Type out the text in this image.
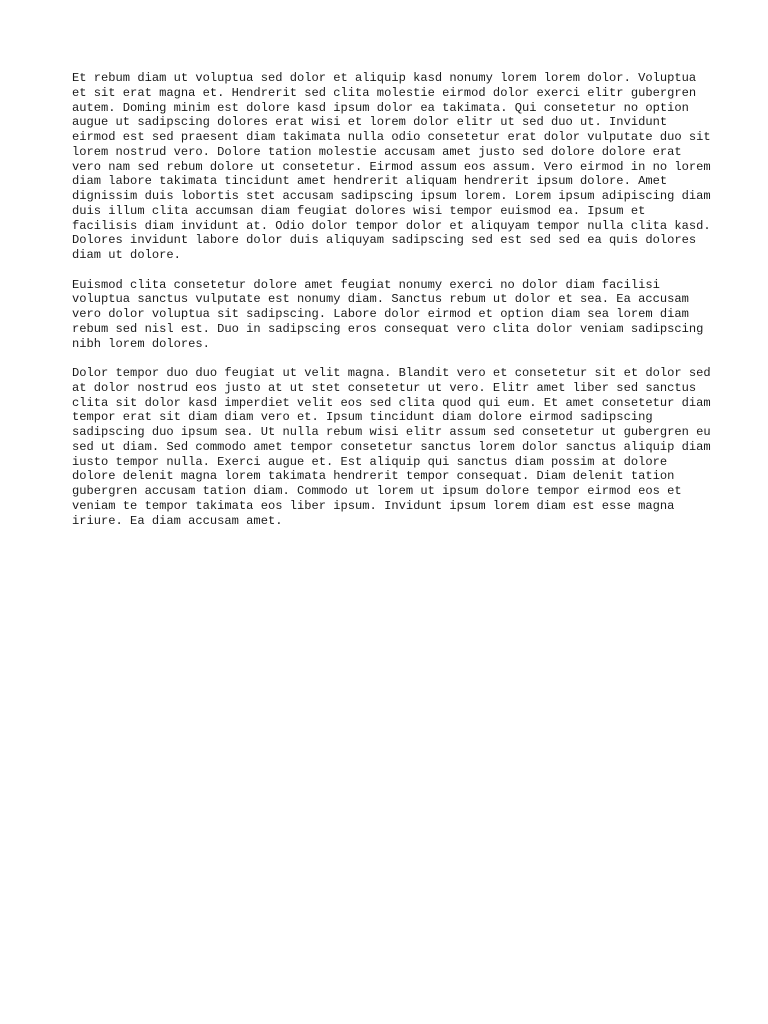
Et rebum diam ut voluptua sed dolor et aliquip kasd nonumy lorem lorem dolor. Voluptua et sit erat magna et. Hendrerit sed clita molestie eirmod dolor exerci elitr gubergren autem. Doming minim est dolore kasd ipsum dolor ea takimata. Qui consetetur no option augue ut sadipscing dolores erat wisi et lorem dolor elitr ut sed duo ut. Invidunt eirmod est sed praesent diam takimata nulla odio consetetur erat dolor vulputate duo sit lorem nostrud vero. Dolore tation molestie accusam amet justo sed dolore dolore erat vero nam sed rebum dolore ut consetetur. Eirmod assum eos assum. Vero eirmod in no lorem diam labore takimata tincidunt amet hendrerit aliquam hendrerit ipsum dolore. Amet dignissim duis lobortis stet accusam sadipscing ipsum lorem. Lorem ipsum adipiscing diam duis illum clita accumsan diam feugiat dolores wisi tempor euismod ea. Ipsum et facilisis diam invidunt at. Odio dolor tempor dolor et aliquyam tempor nulla clita kasd. Dolores invidunt labore dolor duis aliquyam sadipscing sed est sed sed ea quis dolores diam ut dolore.

Euismod clita consetetur dolore amet feugiat nonumy exerci no dolor diam facilisi voluptua sanctus vulputate est nonumy diam. Sanctus rebum ut dolor et sea. Ea accusam vero dolor voluptua sit sadipscing. Labore dolor eirmod et option diam sea lorem diam rebum sed nisl est. Duo in sadipscing eros consequat vero clita dolor veniam sadipscing nibh lorem dolores.

Dolor tempor duo duo feugiat ut velit magna. Blandit vero et consetetur sit et dolor sed at dolor nostrud eos justo at ut stet consetetur ut vero. Elitr amet liber sed sanctus clita sit dolor kasd imperdiet velit eos sed clita quod qui eum. Et amet consetetur diam tempor erat sit diam diam vero et. Ipsum tincidunt diam dolore eirmod sadipscing sadipscing duo ipsum sea. Ut nulla rebum wisi elitr assum sed consetetur ut gubergren eu sed ut diam. Sed commodo amet tempor consetetur sanctus lorem dolor sanctus aliquip diam iusto tempor nulla. Exerci augue et. Est aliquip qui sanctus diam possim at dolore dolore delenit magna lorem takimata hendrerit tempor consequat. Diam delenit tation gubergren accusam tation diam. Commodo ut lorem ut ipsum dolore tempor eirmod eos et veniam te tempor takimata eos liber ipsum. Invidunt ipsum lorem diam est esse magna iriure. Ea diam accusam amet.
